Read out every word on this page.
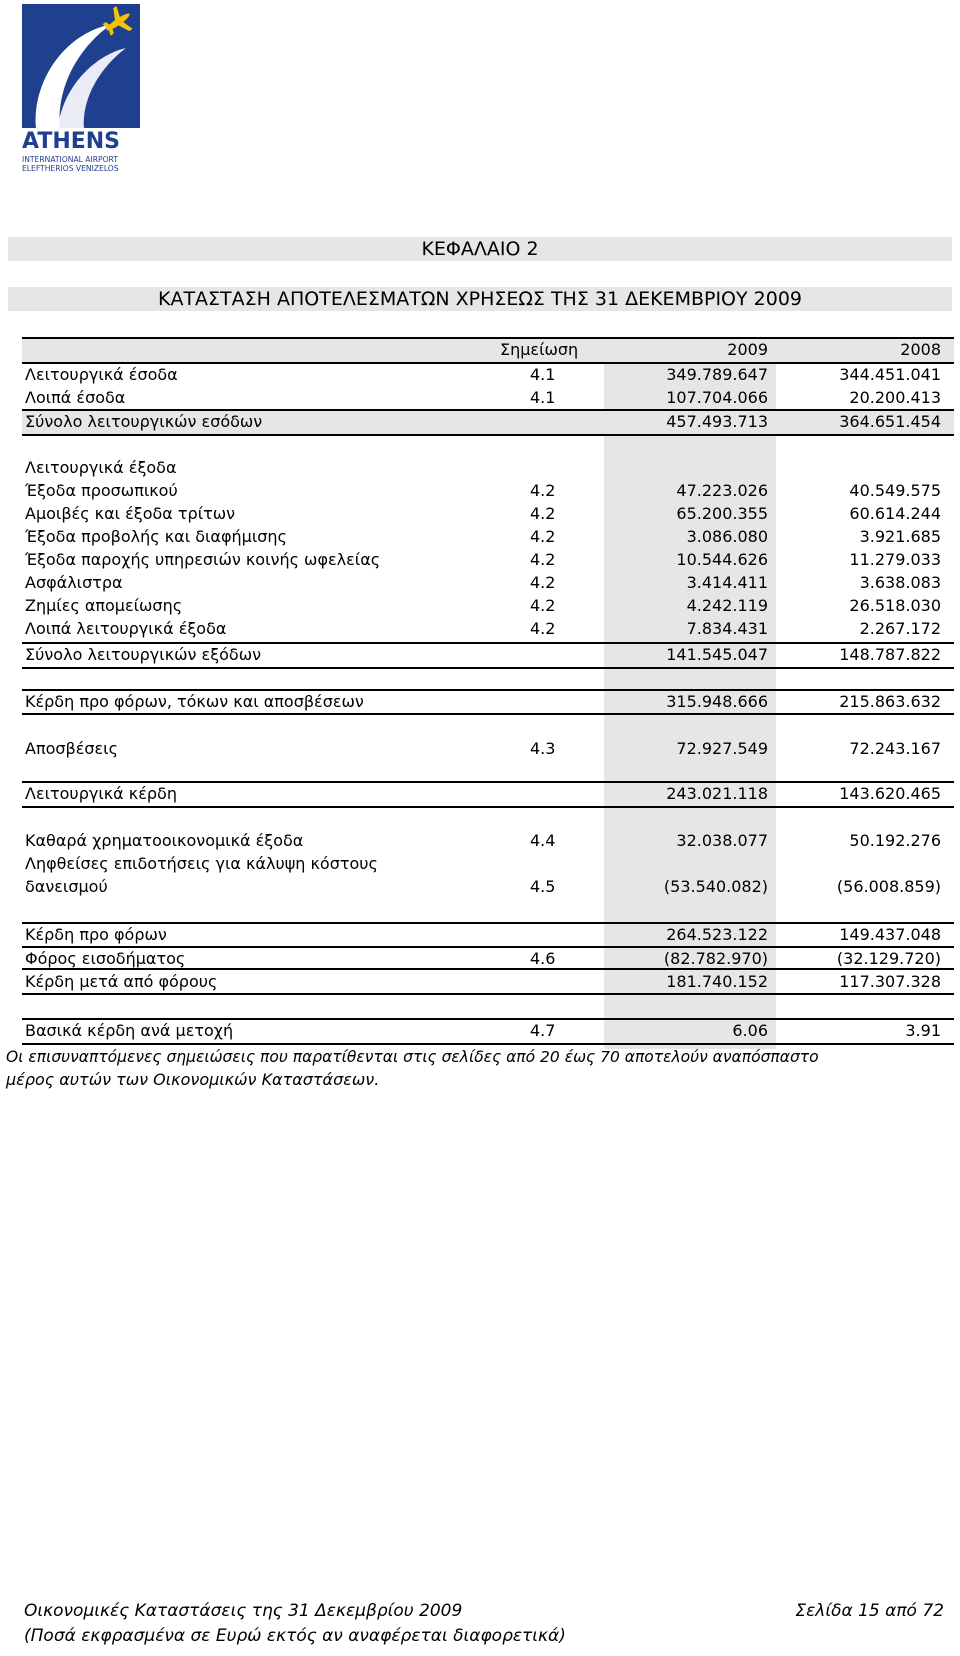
ATHENS
INTERNATIONAL AIRPORT
ELEFTHERIOS VENIZELOS
ΚΕΦΑΛΑΙΟ 2
ΚΑΤΑΣΤΑΣΗ ΑΠΟΤΕΛΕΣΜΑΤΩΝ ΧΡΗΣΕΩΣ ΤΗΣ 31 ΔΕΚΕΜΒΡΙΟΥ 2009
Σημείωση	2009	2008
Λειτουργικά έσοδα	4.1	349.789.647	344.451.041
Λοιπά έσοδα	4.1	107.704.066	20.200.413
Σύνολο λειτουργικών εσόδων	457.493.713	364.651.454
Λειτουργικά έξοδα
Έξοδα προσωπικού	4.2	47.223.026	40.549.575
Αμοιβές και έξοδα τρίτων	4.2	65.200.355	60.614.244
Έξοδα προβολής και διαφήμισης	4.2	3.086.080	3.921.685
Έξοδα παροχής υπηρεσιών κοινής ωφελείας	4.2	10.544.626	11.279.033
Ασφάλιστρα	4.2	3.414.411	3.638.083
Ζημίες απομείωσης	4.2	4.242.119	26.518.030
Λοιπά λειτουργικά έξοδα	4.2	7.834.431	2.267.172
Σύνολο λειτουργικών εξόδων	141.545.047	148.787.822
Κέρδη προ φόρων, τόκων και αποσβέσεων	315.948.666	215.863.632
Αποσβέσεις	4.3	72.927.549	72.243.167
Λειτουργικά κέρδη	243.021.118	143.620.465
Καθαρά χρηματοοικονομικά έξοδα	4.4	32.038.077	50.192.276
Ληφθείσες επιδοτήσεις για κάλυψη κόστους
δανεισμού	4.5	(53.540.082)	(56.008.859)
Κέρδη προ φόρων	264.523.122	149.437.048
Φόρος εισοδήματος	4.6	(82.782.970)	(32.129.720)
Κέρδη μετά από φόρους	181.740.152	117.307.328
Βασικά κέρδη ανά μετοχή	4.7	6.06	3.91
Οι επισυναπτόμενες σημειώσεις που παρατίθενται στις σελίδες από 20 έως 70 αποτελούν αναπόσπαστο
μέρος αυτών των Οικονομικών Καταστάσεων.
Οικονομικές Καταστάσεις της 31 Δεκεμβρίου 2009	Σελίδα 15 από 72
(Ποσά εκφρασμένα σε Ευρώ εκτός αν αναφέρεται διαφορετικά)
